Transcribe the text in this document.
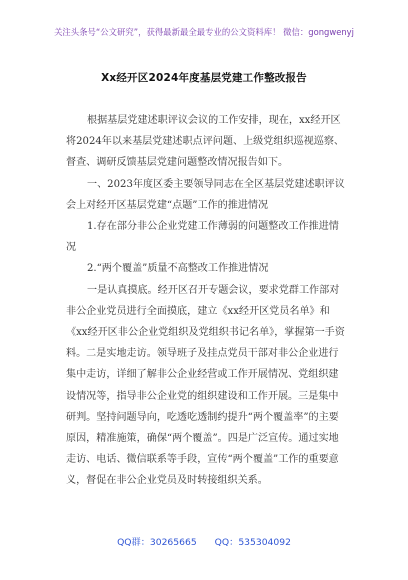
关注头条号“公文研究”，获得最新最全最专业的公文资料库！ 微信：gongwenyj
Xx经开区2024年度基层党建工作整改报告

根据基层党建述职评议会议的工作安排，现在，xx经开区将2024年以来基层党建述职点评问题、上级党组织巡视巡察、督查、调研反馈基层党建问题整改情况报告如下。

一、2023年度区委主要领导同志在全区基层党建述职评议会上对经开区基层党建“点题”工作的推进情况

1.存在部分非公企业党建工作薄弱的问题整改工作推进情况

2.“两个覆盖”质量不高整改工作推进情况

一是认真摸底。经开区召开专题会议，要求党群工作部对非公企业党员进行全面摸底，建立《xx经开区党员名单》和《xx经开区非公企业党组织及党组织书记名单》，掌握第一手资料。二是实地走访。领导班子及挂点党员干部对非公企业进行集中走访，详细了解非公企业经营或工作开展情况、党组织建设情况等，指导非公企业党的组织建设和工作开展。三是集中研判。坚持问题导向，吃透吃透制约提升“两个覆盖率”的主要原因，精准施策，确保“两个覆盖”。四是广泛宣传。通过实地走访、电话、微信联系等手段，宣传“两个覆盖”工作的重要意义，督促在非公企业党员及时转接组织关系。

QQ群：30265665 QQ：535304092
